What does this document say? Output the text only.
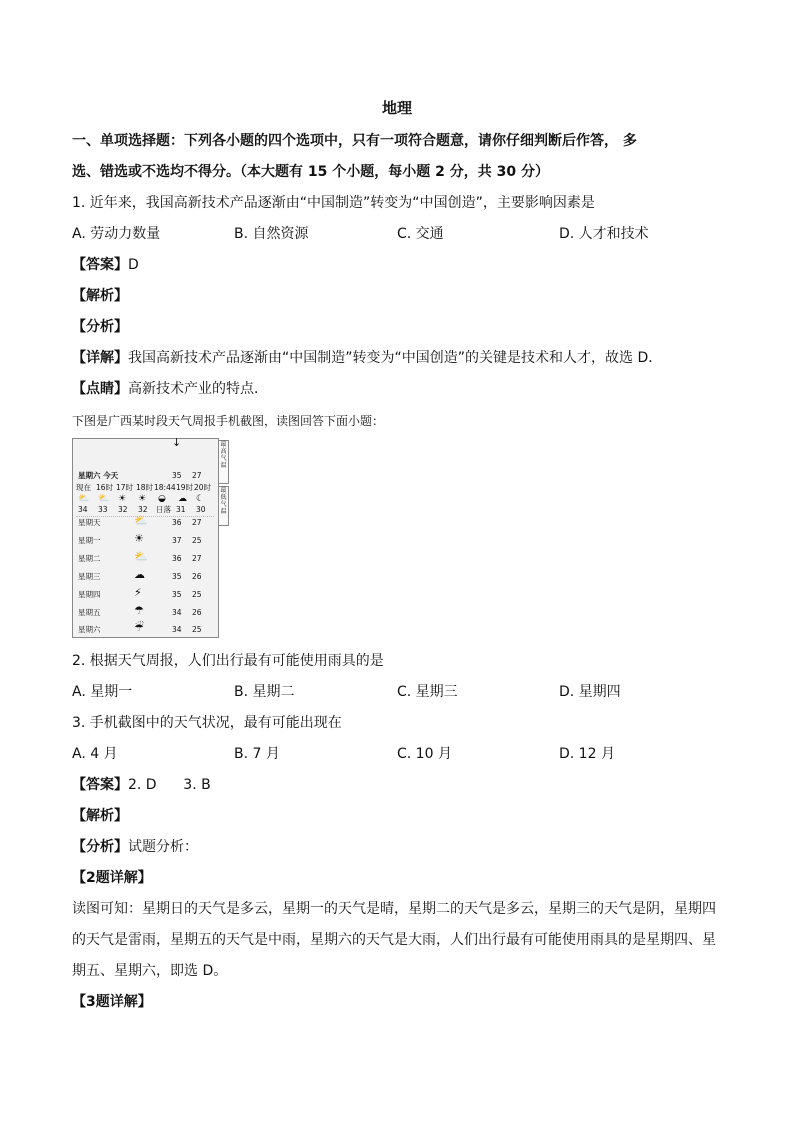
地理
一、单项选择题：下列各小题的四个选项中，只有一项符合题意，请你仔细判断后作答， 多
选、错选或不选均不得分。（本大题有 15 个小题，每小题 2 分，共 30 分）
1. 近年来，我国高新技术产品逐渐由“中国制造”转变为“中国创造”，主要影响因素是
A. 劳动力数量	B. 自然资源	C. 交通	D. 人才和技术
【答案】D
【解析】
【分析】
【详解】我国高新技术产品逐渐由“中国制造”转变为“中国创造”的关键是技术和人才，故选 D．
【点睛】高新技术产业的特点．
下图是广西某时段天气周报手机截图，读图回答下面小题：
最高气温
最低气温
星期六 今天
↓
35 27
现在 16时 17时 18时 18:44 19时 20时
⛅ ⛅ ☀ ☀ ◒ ☁ ☾
34 33 32 32 日落 31 30
星期天	⛅	36 27
星期一	☀	37 25
星期二	⛅	36 27
星期三	☁	35 26
星期四	⚡	35 25
星期五	☂	34 26
星期六	☔	34 25
2. 根据天气周报，人们出行最有可能使用雨具的是
A. 星期一	B. 星期二	C. 星期三	D. 星期四
3. 手机截图中的天气状况，最有可能出现在
A. 4 月	B. 7 月	C. 10 月	D. 12 月
【答案】2. D      3. B
【解析】
【分析】试题分析：
【2题详解】
读图可知：星期日的天气是多云，星期一的天气是晴，星期二的天气是多云，星期三的天气是阴，星期四
的天气是雷雨，星期五的天气是中雨，星期六的天气是大雨，人们出行最有可能使用雨具的是星期四、星
期五、星期六，即选 D。
【3题详解】
